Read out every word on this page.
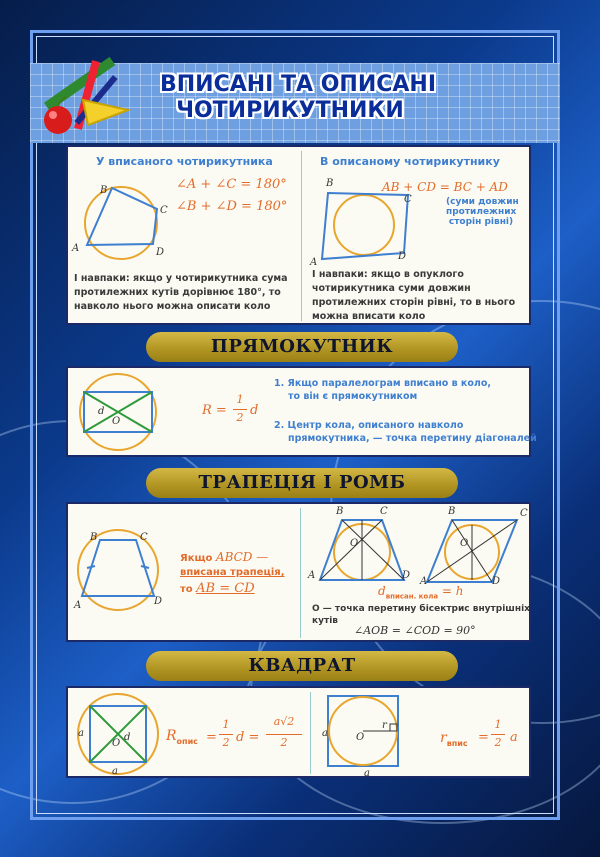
ВПИСАНІ ТА ОПИСАНІ
ЧОТИРИКУТНИКИ
У вписаного чотирикутника
∠A + ∠C = 180°
∠B + ∠D = 180°
B
C
A	D
І навпаки: якщо у чотирикутника сума
протилежних кутів дорівнює 180°, то
навколо нього можна описати коло
В описаному чотирикутнику
AB + CD = BC + AD
(суми довжин
протилежних
сторін рівні)
B
C
A
D
І навпаки: якщо в опуклого
чотирикутника суми довжин
протилежних сторін рівні, то в нього
можна вписати коло
ПРЯМОКУТНИК
d
O
R =
1
2 d
1. Якщо паралелограм вписано в коло,
то він є прямокутником
2. Центр кола, описаного навколо
прямокутника, — точка перетину діагоналей
ТРАПЕЦІЯ І РОМБ
B	C
A	D
Якщо ABCD —
вписана трапеція,
то AB = CD
B	C
A	D
O
B	C
A	D
O
$d_{вписан. кола} = h$
O — точка перетину бісектрис внутрішніх
кутів
∠AOB = ∠COD = 90°
КВАДРАТ
a
a
d
O	$R_{опис}$ =
1
2 d =
a√2
2
a
a
r
O	$r_{впис}$ =
1
2 a
